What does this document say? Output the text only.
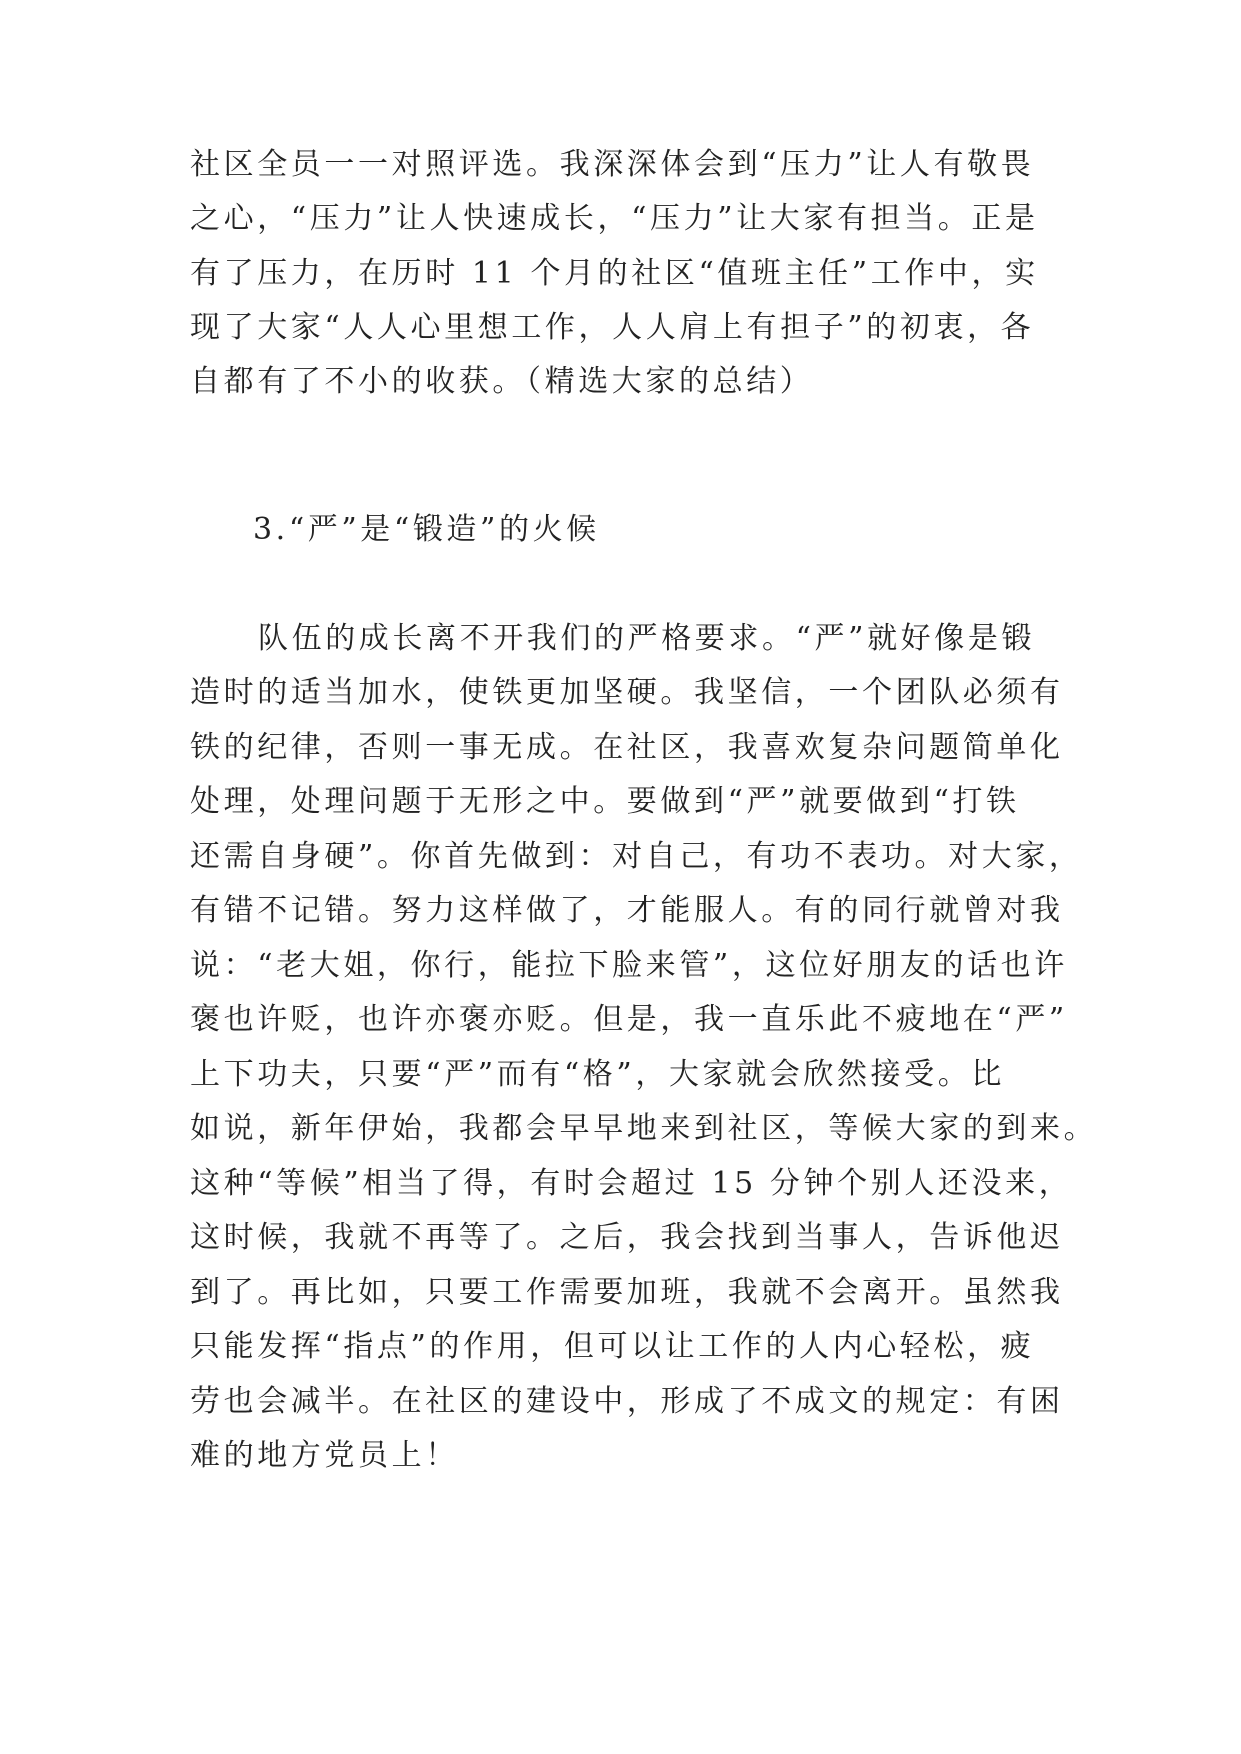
社区全员一一对照评选。我深深体会到“压力”让人有敬畏
之心，“压力”让人快速成长，“压力”让大家有担当。正是
有了压力，在历时 11 个月的社区“值班主任”工作中，实
现了大家“人人心里想工作，人人肩上有担子”的初衷，各
自都有了不小的收获。（精选大家的总结）
3.“严”是“锻造”的火候
队伍的成长离不开我们的严格要求。“严”就好像是锻
造时的适当加水，使铁更加坚硬。我坚信，一个团队必须有
铁的纪律，否则一事无成。在社区，我喜欢复杂问题简单化
处理，处理问题于无形之中。要做到“严”就要做到“打铁
还需自身硬”。你首先做到：对自己，有功不表功。对大家，
有错不记错。努力这样做了，才能服人。有的同行就曾对我
说：“老大姐，你行，能拉下脸来管”，这位好朋友的话也许
褒也许贬，也许亦褒亦贬。但是，我一直乐此不疲地在“严”
上下功夫，只要“严”而有“格”，大家就会欣然接受。比
如说，新年伊始，我都会早早地来到社区，等候大家的到来。
这种“等候”相当了得，有时会超过 15 分钟个别人还没来，
这时候，我就不再等了。之后，我会找到当事人，告诉他迟
到了。再比如，只要工作需要加班，我就不会离开。虽然我
只能发挥“指点”的作用，但可以让工作的人内心轻松，疲
劳也会减半。在社区的建设中，形成了不成文的规定：有困
难的地方党员上！
